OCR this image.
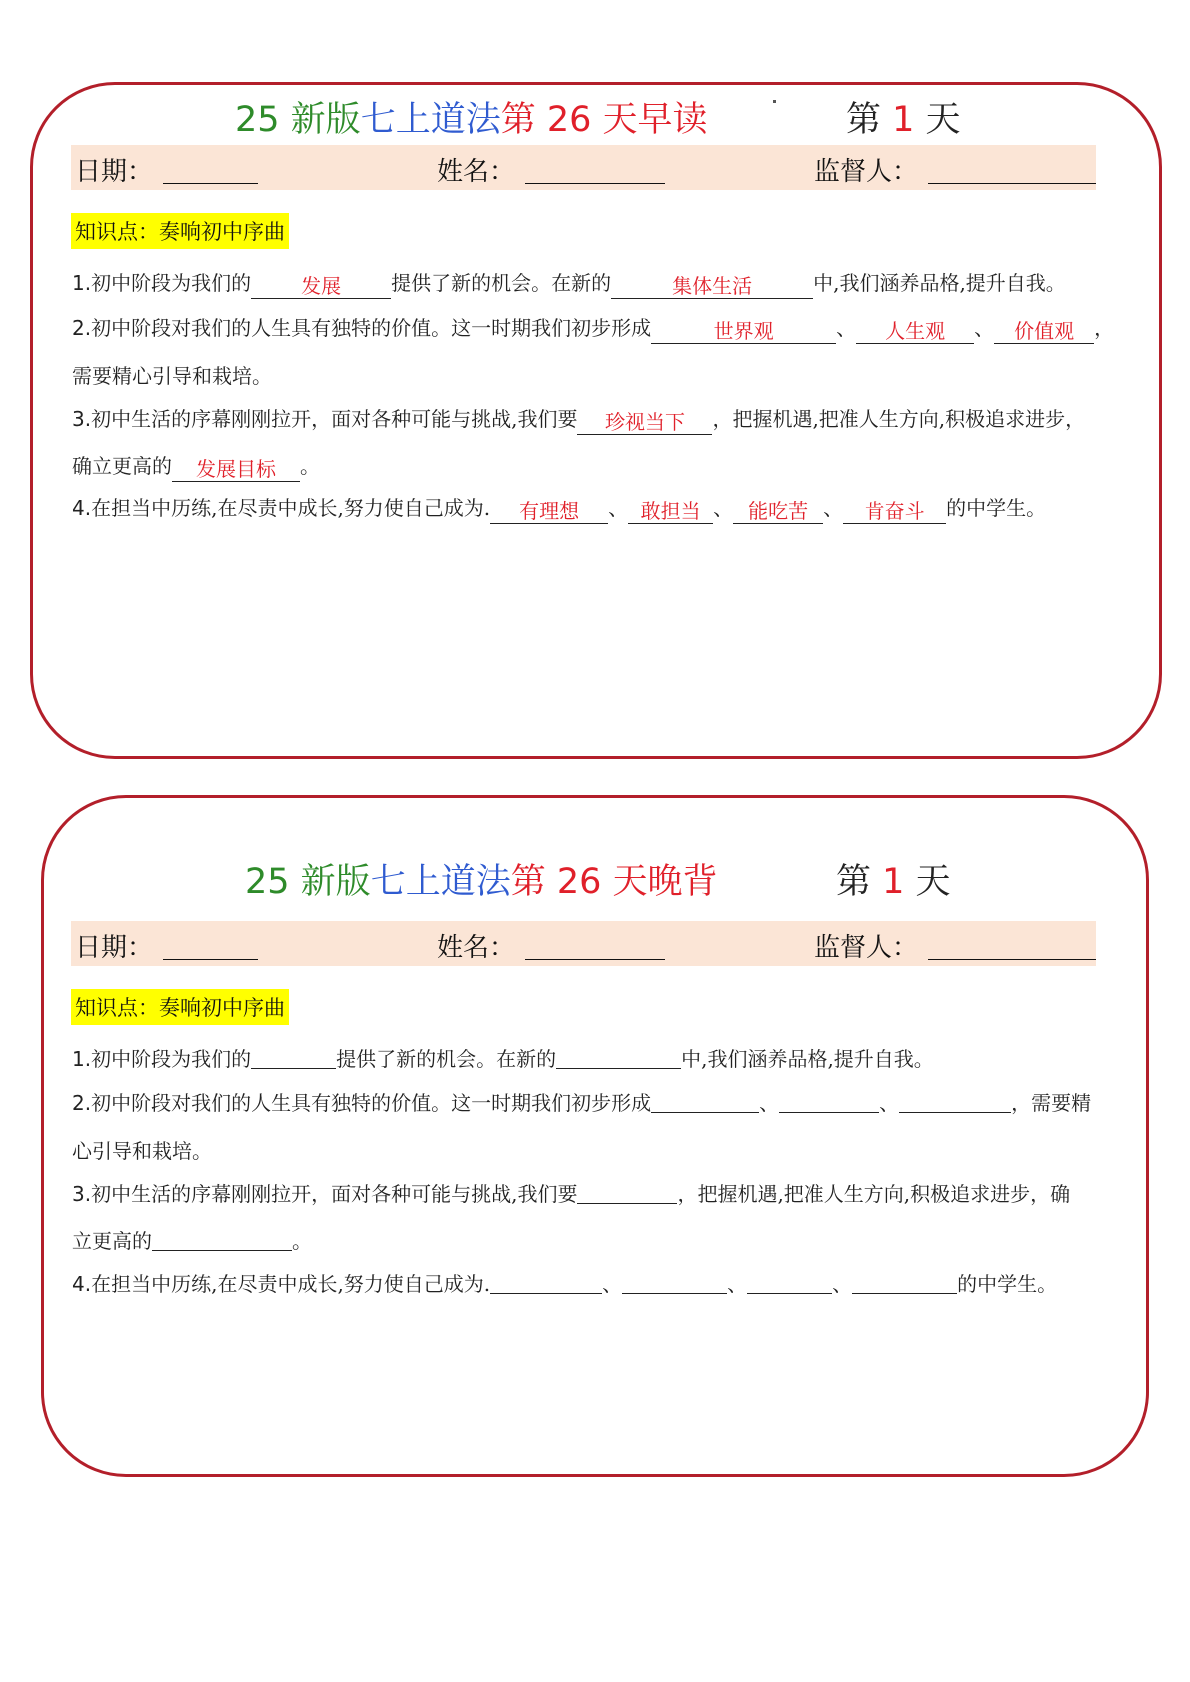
25 新版七上道法第 26 天早读	第 1 天
日期：	姓名：	监督人：
知识点：奏响初中序曲
1.初中阶段为我们的	发展	提供了新的机会。在新的	集体生活	中,我们涵养品格,提升自我。
2.初中阶段对我们的人生具有独特的价值。这一时期我们初步形成	世界观	、 人生观 、 价值观 ，
需要精心引导和栽培。
3.初中生活的序幕刚刚拉开，面对各种可能与挑战,我们要 珍视当下 ，把握机遇,把准人生方向,积极追求进步，
确立更高的 发展目标 。
4.在担当中历练,在尽责中成长,努力使自己成为. 有理想 、 敢担当 、 能吃苦 、 肯奋斗 的中学生。
25 新版七上道法第 26 天晚背	第 1 天
日期：	姓名：	监督人：
知识点：奏响初中序曲
1.初中阶段为我们的	提供了新的机会。在新的	中,我们涵养品格,提升自我。
2.初中阶段对我们的人生具有独特的价值。这一时期我们初步形成	、	、	，需要精
心引导和栽培。
3.初中生活的序幕刚刚拉开，面对各种可能与挑战,我们要	，把握机遇,把准人生方向,积极追求进步，确
立更高的	。
4.在担当中历练,在尽责中成长,努力使自己成为.	、	、	、	的中学生。
